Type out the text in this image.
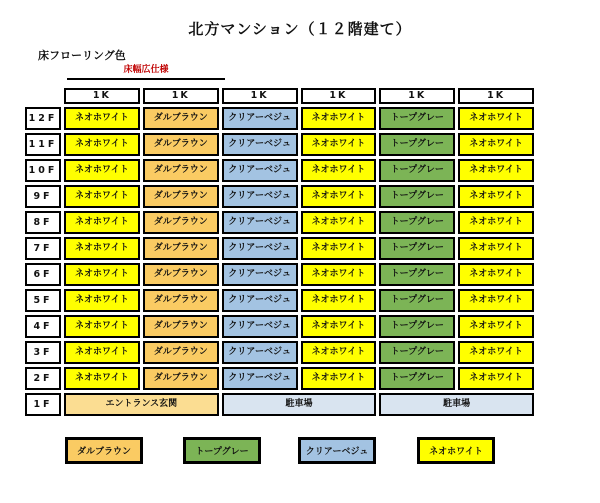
北方マンション（１２階建て）
床フローリング色
床幅広仕様
1K	1K	1K	1K	1K	1K
12F	ネオホワイト	ダルブラウン	クリアーベジュ	ネオホワイト	トープグレー	ネオホワイト
11F	ネオホワイト	ダルブラウン	クリアーベジュ	ネオホワイト	トープグレー	ネオホワイト
10F	ネオホワイト	ダルブラウン	クリアーベジュ	ネオホワイト	トープグレー	ネオホワイト
9F	ネオホワイト	ダルブラウン	クリアーベジュ	ネオホワイト	トープグレー	ネオホワイト
8F	ネオホワイト	ダルブラウン	クリアーベジュ	ネオホワイト	トープグレー	ネオホワイト
7F	ネオホワイト	ダルブラウン	クリアーベジュ	ネオホワイト	トープグレー	ネオホワイト
6F	ネオホワイト	ダルブラウン	クリアーベジュ	ネオホワイト	トープグレー	ネオホワイト
5F	ネオホワイト	ダルブラウン	クリアーベジュ	ネオホワイト	トープグレー	ネオホワイト
4F	ネオホワイト	ダルブラウン	クリアーベジュ	ネオホワイト	トープグレー	ネオホワイト
3F	ネオホワイト	ダルブラウン	クリアーベジュ	ネオホワイト	トープグレー	ネオホワイト
2F	ネオホワイト	ダルブラウン	クリアーベジュ	ネオホワイト	トープグレー	ネオホワイト
1F	エントランス玄関	駐車場	駐車場
ダルブラウン	トープグレー	クリアーベジュ	ネオホワイト
